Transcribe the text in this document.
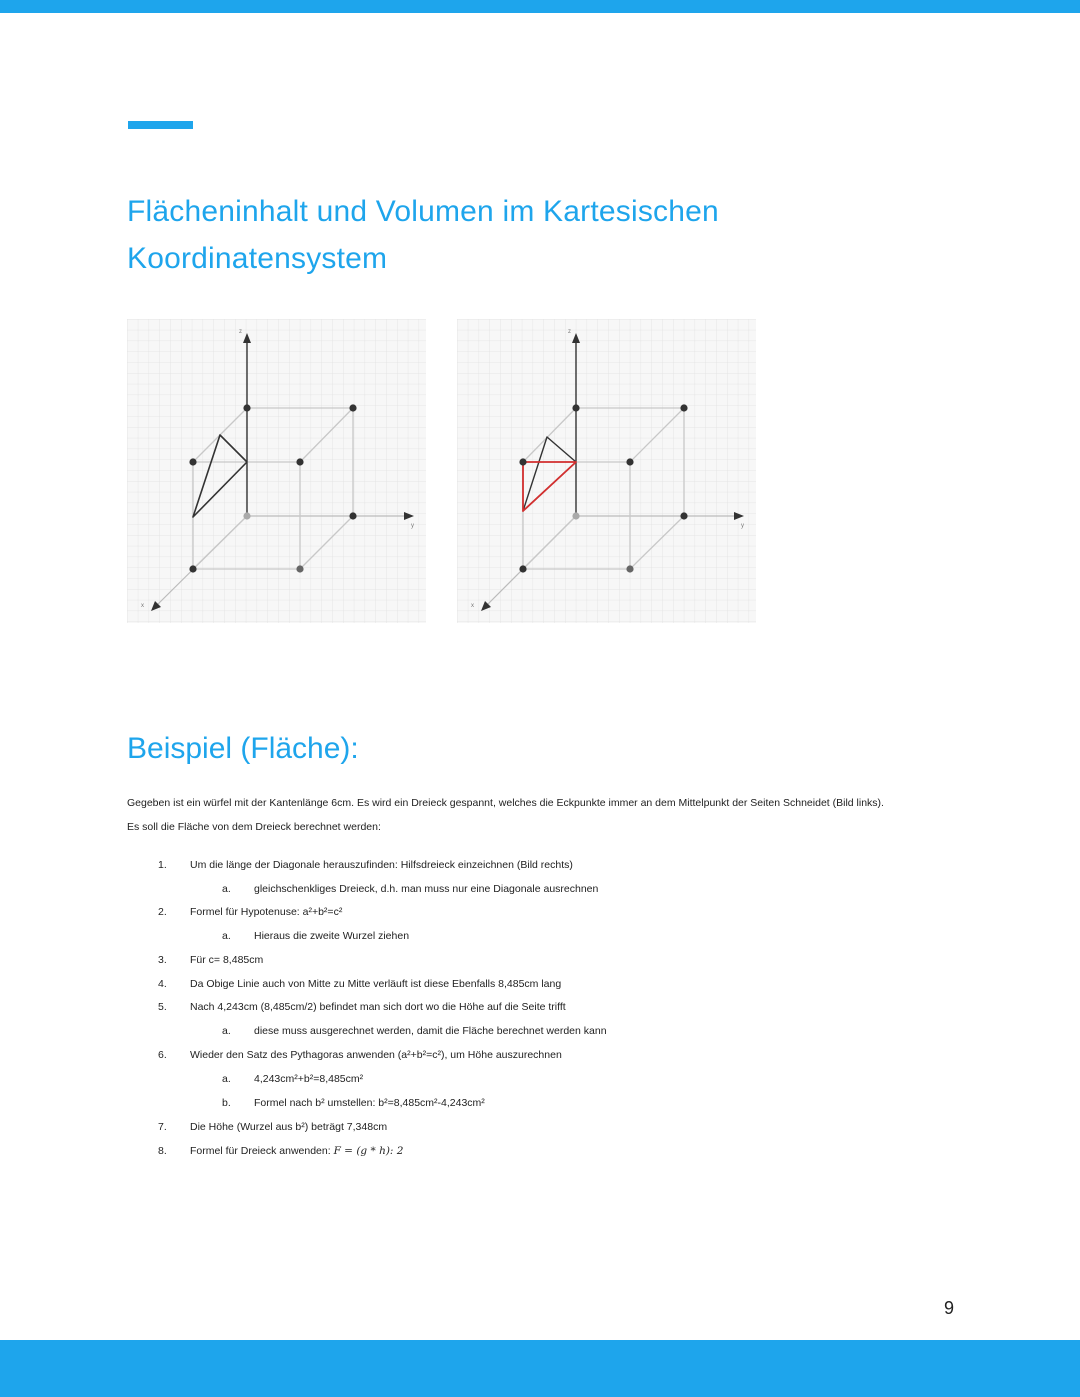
Flächeninhalt und Volumen im Kartesischen
Koordinatensystem
z
y
x
z
y
x
Beispiel (Fläche):

Gegeben ist ein würfel mit der Kantenlänge 6cm. Es wird ein Dreieck gespannt, welches die Eckpunkte immer an dem Mittelpunkt der Seiten Schneidet (Bild links).

Es soll die Fläche von dem Dreieck berechnet werden:

1.	Um die länge der Diagonale herauszufinden: Hilfsdreieck einzeichnen (Bild rechts)
a.	gleichschenkliges Dreieck, d.h. man muss nur eine Diagonale ausrechnen
2.	Formel für Hypotenuse: a²+b²=c²
a.	Hieraus die zweite Wurzel ziehen
3.	Für c= 8,485cm
4.	Da Obige Linie auch von Mitte zu Mitte verläuft ist diese Ebenfalls 8,485cm lang
5.	Nach 4,243cm (8,485cm/2) befindet man sich dort wo die Höhe auf die Seite trifft
a.	diese muss ausgerechnet werden, damit die Fläche berechnet werden kann
6.	Wieder den Satz des Pythagoras anwenden (a²+b²=c²), um Höhe auszurechnen
a.	4,243cm²+b²=8,485cm²
b.	Formel nach b² umstellen: b²=8,485cm²-4,243cm²
7.	Die Höhe (Wurzel aus b²) beträgt 7,348cm
8.	Formel für Dreieck anwenden: F = (g * h): 2
9
